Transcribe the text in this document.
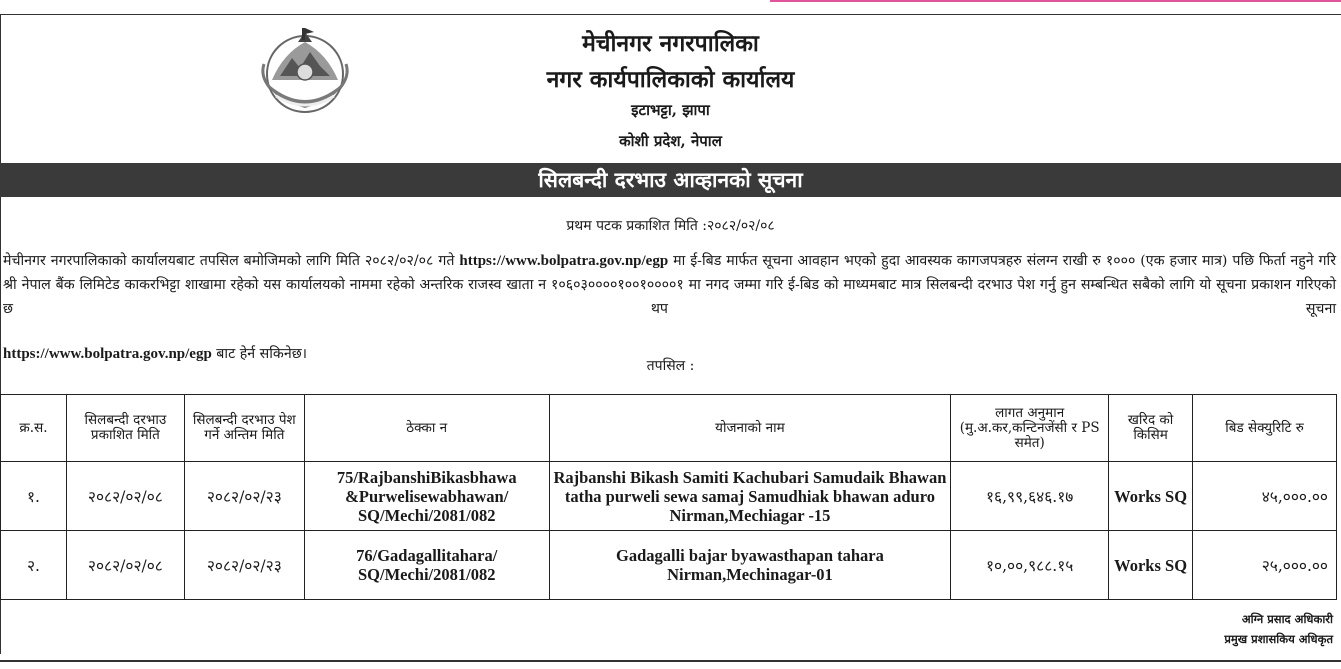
मेचीनगर नगरपालिका
नगर कार्यपालिकाको कार्यालय
इटाभट्टा, झापा
कोशी प्रदेश, नेपाल
सिलबन्दी दरभाउ आव्हानको सूचना
प्रथम पटक प्रकाशित मिति :२०८२/०२/०८
मेचीनगर नगरपालिकाको कार्यालयबाट तपसिल बमोजिमको लागि मिति २०८२/०२/०८ गते https://www.bolpatra.gov.np/egp मा ई-बिड मार्फत सूचना आवहान भएको हुदा आवस्यक कागजपत्रहरु संलग्न राखी रु १००० (एक हजार मात्र) पछि फिर्ता नहुने गरि श्री नेपाल बैंक लिमिटेड काकरभिट्टा शाखामा रहेको यस कार्यालयको नाममा रहेको अन्तरिक राजस्व खाता न १०६०३००००१००१००००१ मा नगद जम्मा गरि ई-बिड को माध्यमबाट मात्र सिलबन्दी दरभाउ पेश गर्नु हुन सम्बन्धित सबैको लागि यो सूचना प्रकाशन गरिएको छ थप सूचना
https://www.bolpatra.gov.np/egp बाट हेर्न सकिनेछ।
तपसिल :
क्र.स.	सिलबन्दी दरभाउ प्रकाशित मिति	सिलबन्दी दरभाउ पेश गर्ने अन्तिम मिति	ठेक्का न	योजनाको नाम	लागत अनुमान (मु.अ.कर,कन्टिनजेंसी र PS समेत)	खरिद को किसिम	बिड सेक्युरिटि रु
१.	२०८२/०२/०८	२०८२/०२/२३	75/RajbanshiBikasbhawa &Purwelisewabhawan/ SQ/Mechi/2081/082	Rajbanshi Bikash Samiti Kachubari Samudaik Bhawan tatha purweli sewa samaj Samudhiak bhawan aduro Nirman,Mechiagar -15	१६,९९,६४६.१७	Works SQ	४५,०००.००
२.	२०८२/०२/०८	२०८२/०२/२३	76/Gadagallitahara/ SQ/Mechi/2081/082	Gadagalli bajar byawasthapan tahara Nirman,Mechinagar-01	१०,००,९८८.१५	Works SQ	२५,०००.००
अग्नि प्रसाद अधिकारी
प्रमुख प्रशासकिय अधिकृत
